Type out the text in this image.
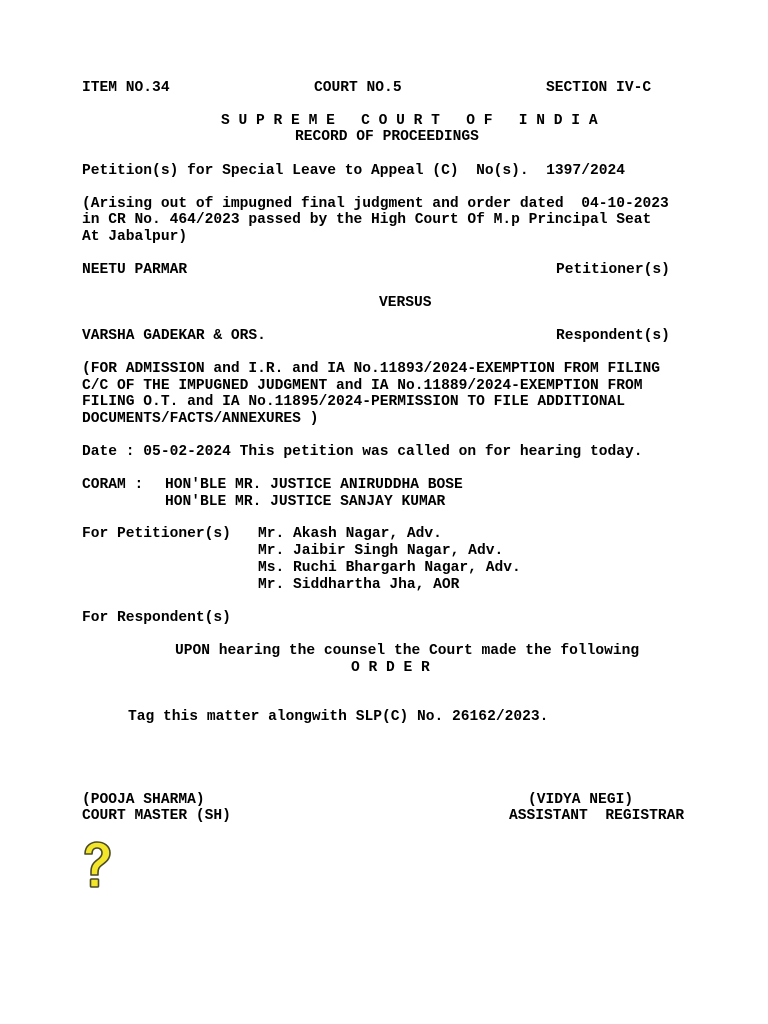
ITEM NO.34	COURT NO.5	SECTION IV-C
S U P R E M E   C O U R T   O F   I N D I A
RECORD OF PROCEEDINGS
Petition(s) for Special Leave to Appeal (C)  No(s).  1397/2024
(Arising out of impugned final judgment and order dated  04-10-2023
in CR No. 464/2023 passed by the High Court Of M.p Principal Seat
At Jabalpur)
NEETU PARMAR	Petitioner(s)
VERSUS
VARSHA GADEKAR & ORS.	Respondent(s)
(FOR ADMISSION and I.R. and IA No.11893/2024-EXEMPTION FROM FILING
C/C OF THE IMPUGNED JUDGMENT and IA No.11889/2024-EXEMPTION FROM
FILING O.T. and IA No.11895/2024-PERMISSION TO FILE ADDITIONAL
DOCUMENTS/FACTS/ANNEXURES )
Date : 05-02-2024 This petition was called on for hearing today.
CORAM : HON'BLE MR. JUSTICE ANIRUDDHA BOSE
HON'BLE MR. JUSTICE SANJAY KUMAR
For Petitioner(s) Mr. Akash Nagar, Adv.
Mr. Jaibir Singh Nagar, Adv.
Ms. Ruchi Bhargarh Nagar, Adv.
Mr. Siddhartha Jha, AOR
For Respondent(s)
UPON hearing the counsel the Court made the following
O R D E R
Tag this matter alongwith SLP(C) No. 26162/2023.
(POOJA SHARMA)
COURT MASTER (SH)
(VIDYA NEGI)
ASSISTANT  REGISTRAR
